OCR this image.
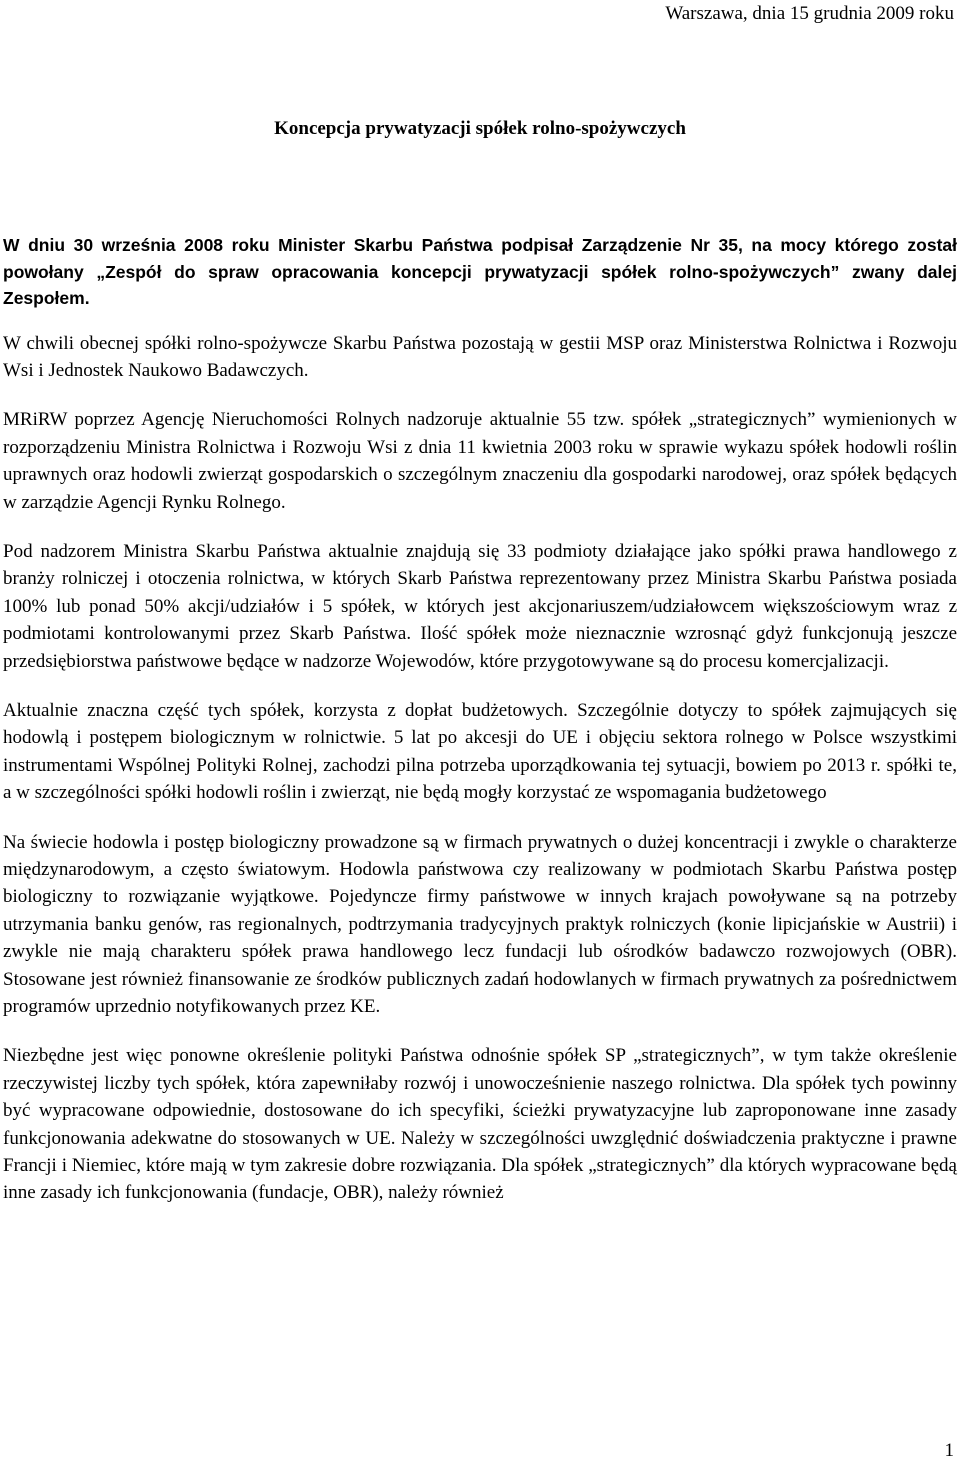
Warszawa, dnia 15 grudnia 2009 roku
Koncepcja prywatyzacji spółek rolno-spożywczych

W dniu 30 września 2008 roku Minister Skarbu Państwa podpisał Zarządzenie Nr 35, na mocy którego został powołany „Zespół do spraw opracowania koncepcji prywatyzacji spółek rolno-spożywczych” zwany dalej Zespołem.

W chwili obecnej spółki rolno-spożywcze Skarbu Państwa pozostają w gestii MSP oraz Ministerstwa Rolnictwa i Rozwoju Wsi i Jednostek Naukowo Badawczych.

MRiRW poprzez Agencję Nieruchomości Rolnych nadzoruje aktualnie 55 tzw. spółek „strategicznych” wymienionych w rozporządzeniu Ministra Rolnictwa i Rozwoju Wsi z dnia 11 kwietnia 2003 roku w sprawie wykazu spółek hodowli roślin uprawnych oraz hodowli zwierząt gospodarskich o szczególnym znaczeniu dla gospodarki narodowej, oraz spółek będących w zarządzie Agencji Rynku Rolnego.

Pod nadzorem Ministra Skarbu Państwa aktualnie znajdują się 33 podmioty działające jako spółki prawa handlowego z branży rolniczej i otoczenia rolnictwa, w których Skarb Państwa reprezentowany przez Ministra Skarbu Państwa posiada 100% lub ponad 50% akcji/udziałów i 5 spółek, w których jest akcjonariuszem/udziałowcem większościowym wraz z podmiotami kontrolowanymi przez Skarb Państwa. Ilość spółek może nieznacznie wzrosnąć gdyż funkcjonują jeszcze przedsiębiorstwa państwowe będące w nadzorze Wojewodów, które przygotowywane są do procesu komercjalizacji.

Aktualnie znaczna część tych spółek, korzysta z dopłat budżetowych. Szczególnie dotyczy to spółek zajmujących się hodowlą i postępem biologicznym w rolnictwie. 5 lat po akcesji do UE i objęciu sektora rolnego w Polsce wszystkimi instrumentami Wspólnej Polityki Rolnej, zachodzi pilna potrzeba uporządkowania tej sytuacji, bowiem po 2013 r. spółki te, a w szczególności spółki hodowli roślin i zwierząt, nie będą mogły korzystać ze wspomagania budżetowego

Na świecie hodowla i postęp biologiczny prowadzone są w firmach prywatnych o dużej koncentracji i zwykle o charakterze międzynarodowym, a często światowym. Hodowla państwowa czy realizowany w podmiotach Skarbu Państwa postęp biologiczny to rozwiązanie wyjątkowe. Pojedyncze firmy państwowe w innych krajach powoływane są na potrzeby utrzymania banku genów, ras regionalnych, podtrzymania tradycyjnych praktyk rolniczych (konie lipicjańskie w Austrii) i zwykle nie mają charakteru spółek prawa handlowego lecz fundacji lub ośrodków badawczo rozwojowych (OBR). Stosowane jest również finansowanie ze środków publicznych zadań hodowlanych w firmach prywatnych za pośrednictwem programów uprzednio notyfikowanych przez KE.

Niezbędne jest więc ponowne określenie polityki Państwa odnośnie spółek SP „strategicznych”, w tym także określenie rzeczywistej liczby tych spółek, która zapewniłaby rozwój i unowocześnienie naszego rolnictwa. Dla spółek tych powinny być wypracowane odpowiednie, dostosowane do ich specyfiki, ścieżki prywatyzacyjne lub zaproponowane inne zasady funkcjonowania adekwatne do stosowanych w UE. Należy w szczególności uwzględnić doświadczenia praktyczne i prawne Francji i Niemiec, które mają w tym zakresie dobre rozwiązania. Dla spółek „strategicznych” dla których wypracowane będą inne zasady ich funkcjonowania (fundacje, OBR), należy również

1
